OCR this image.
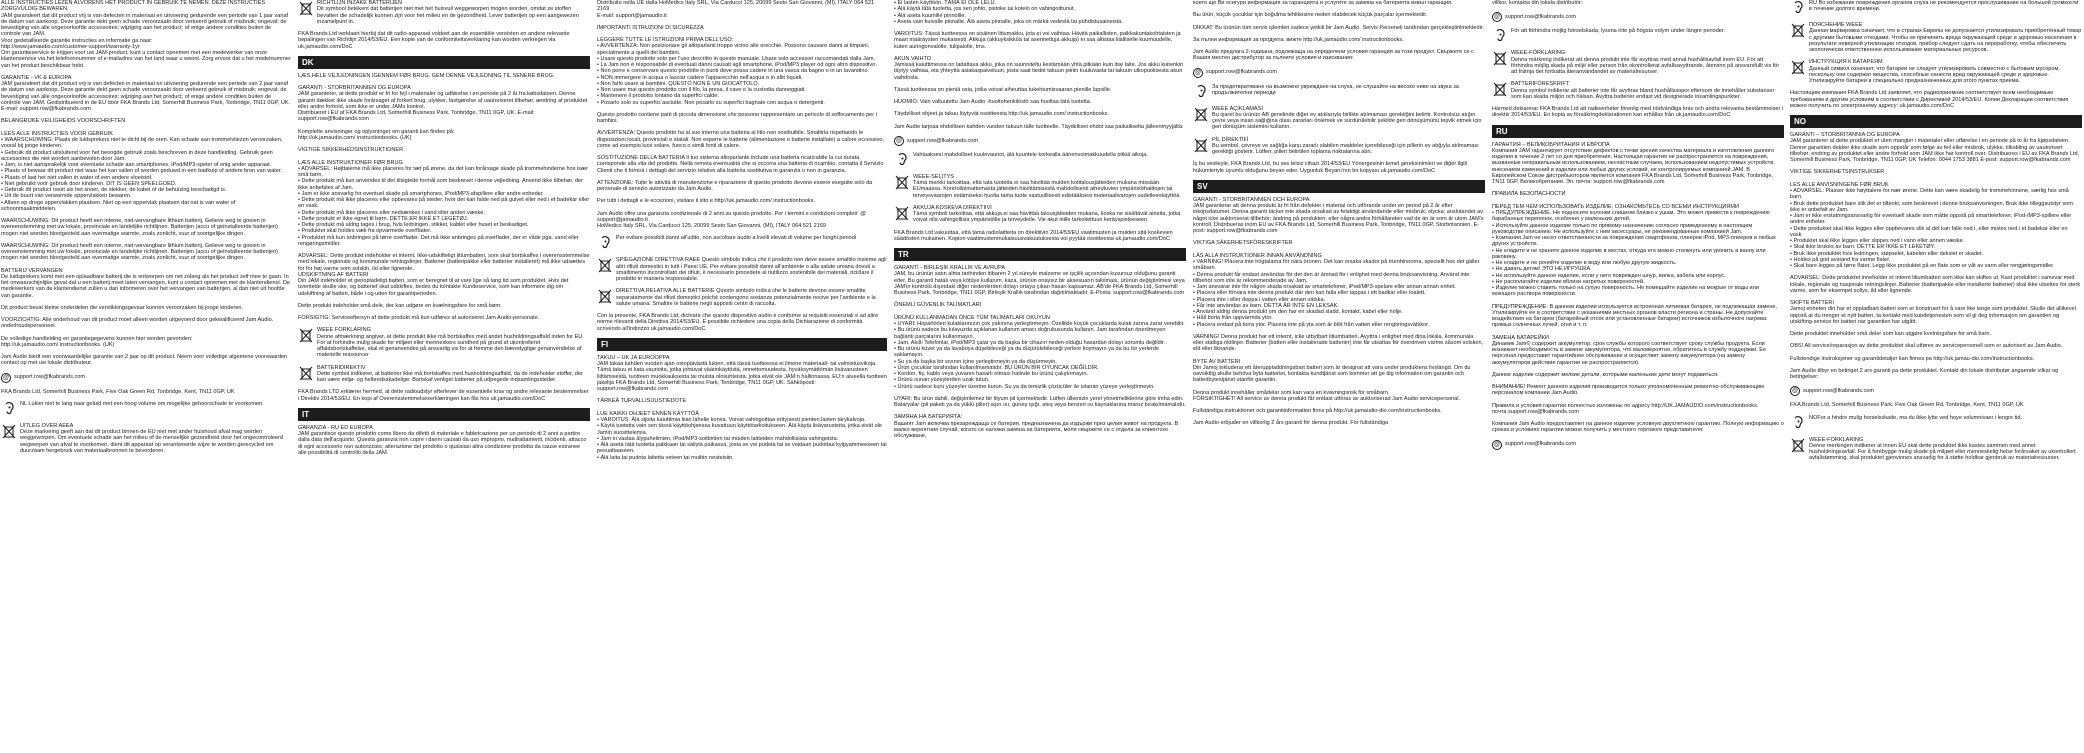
ALLE INSTRUCTIES LEZEN ALVORENS HET PRODUCT IN GEBRUIK TE NEMEN. DEZE INSTRUCTIES ZORGVULDIG BEWAREN.
JAM garandeert dat dit product vrij is van defecten in materiaal en uitvoering gedurende een periode van 1 jaar vanaf de datum van aankoop. Deze garantie dekt geen schade veroorzaakt door verkeerd gebruik of misbruik; ongeval; de bevestiging van alle ongeoorloofde accessoires; wijziging aan het product; of enige andere condities buiten de controle van JAM.
Voor gedetailleerde garantie instructies en informatie ga naar:
http://www.jamaudio.com/customer-support/warranty-1yr
Om garantieservice te krijgen voor uw JAM-product, kunt u contact opnemen met een medewerker van onze klantenservice via het telefoonnummer of e-mailadres van het land waar u woont. Zorg ervoor dat u het modelnummer van het product beschikbaar hebt.
GARANTIE - VK & EUROPA
JAM garandeert dat dit product vrij is van defecten in materiaal en uitvoering gedurende een periode van 2 jaar vanaf de datum van aankoop. Deze garantie dekt geen schade veroorzaakt door verkeerd gebruik of misbruik; ongeval; de bevestiging van alle ongeoorloofde accessoires; wijziging aan het product; of enige andere condities buiten de controle van JAM. Gedistribueerd in de EU door FKA Brands Ltd, Somerhill Business Park, Tonbridge, TN11 0GP, UK. E-mail: support.row@fkabrands.com
BELANGRIJKE VEILIGHEIDS VOORSCHRIFTEN

LEES ALLE INSTRUCTIES VOOR GEBRUIK
• WAARSCHUWING: Plaats de luidsprekers niet te dicht bij de oren. Kan schade aan trommelvliezen veroorzaken, vooral bij jonge kinderen.
• Gebruik dit product uitsluitend voor het beoogde gebruik zoals beschreven in deze handleiding. Gebruik geen accessoires die niet worden aanbevolen door Jam.
• Jam, is niet aansprakelijk voor eventuele schade aan smartphones, iPod/MP3-speler of enig ander apparaat.
• Plaats of bewaar dit product niet waar het kan vallen of worden geduwd in een badkuip of andere bron van water.
• Plaats of laat het niet vallen in water of een andere vloeistof.
• Niet gebruikt voor gebruik door kinderen. DIT IS GEEN SPEELGOED.
• Gebruik dit product nooit als het snoer, de stekker, de kabel of de behuizing beschadigd is.
• Uit de buurt van verwarmde oppervlakken bewaren.
• Alleen op droge oppervlakken plaatsen. Niet op een oppervlak plaatsen dat nat is van water of schoonmaakmiddelen.
WAARSCHUWING: Dit product heeft een interne, niet-vervangbare lithium batterij. Gelieve weg te gooien in overeenstemming met uw lokale, provinciale en landelijke richtlijnen. Batterijen (accu of geïnstalleerde batterijen) mogen niet worden blootgesteld aan overmatige warmte, zoals zonlicht, vuur of soortgelijke dingen.
WAARSCHUWING: Dit product heeft een interne, niet-vervangbare lithium batterij. Gelieve weg te gooien in overeenstemming met uw lokale, provinciale en landelijke richtlijnen. Batterijen (accu of geïnstalleerde batterijen) mogen niet worden blootgesteld aan overmatige warmte, zoals zonlicht, vuur of soortgelijke dingen.
BATTERIJ VERVANGEN
De luidsprekers komt met een oplaadbare batterij die is ontworpen om net zolang als het product zelf mee te gaan. In het onwaarschijnlijke geval dat u een batterij moet laten vervangen, kunt u contact opnemen met de klantendienst. De medewerkers van de klantendienst zullen u dan informeren over het vervangen van batterijen, al dan niet uit hoofde van garantie.
Dit product bevat kleine onderdelen die verstikkingsgevaar kunnen veroorzaken bij jonge kinderen.
VOORZICHTIG: Alle onderhoud van dit product moet alleen worden uitgevoerd door gekwalificeerd Jam Audio. onderhoudspersoneel.
De volledige handleiding en garantiegegevens kunnen hier worden gevonden:
http://uk.jamaudio.com/ instructionbooks. (UK)
Jam Audio biedt een voorwaardelijke garantie van 2 jaar op dit product. Neem voor volledige algemene voorwaarden contact op met uw lokale distributeur.
@ support.row@fkabrands.com
FKA Brands Ltd, Somerhill Business Park, Five Oak Green Rd, Tonbridge, Kent, TN11 0GP, UK
NL Lukier niet te lang naar geluid met een hoog volume om mogelijke gehoorschade te voorkomen.
UITLEG OVER AEEA
Deze markering geeft aan dat dit product binnen de EU niet met ander huishoud afval mag worden weggeworpen. Om eventuele schade aan het milieu of de menselijke gezondheid door het ongecontroleerd wegwerpen van afval te voorkomen, dient dit apparaat op verantwoorde wijze te worden gerecycled om duurzaam hergebruik van materiaalbronnen te bevorderen.
RICHTLIJN INZAKE BATTERIJEN
Dit symbool betekent dat batterijen niet met het huisvuil weggeworpen mogen worden, omdat ze stoffen bevatten die schadelijk kunnen zijn voor het milieu en de gezondheid. Lever batterijen op een aangewezen inzamelpunt in.
FKA Brands Ltd verklaart hierbij dat dit radio-apparaat voldoet aan de essentiële vereisten en andere relevante bepalingen van Richtlijn 2014/53/EU. Een kopie van de conformiteitsverklaring kan worden verkregen via uk.jamaudio.com/DoC
DK
LÆS HELE VEJLEDNINGEN IGENNEM FØR BRUG. GEM DENNE VEJLEDNING TIL SENERE BRUG.
GARANTI - STORBRITANNIEN OG EUROPA
JAM garanterer, at dette produkt er fri for fejl i materialer og udførelse i en periode på 2 år fra købsdatoen. Denne garanti dækker ikke skade forårsaget af forkert brug, ulykker, fastgørelse af uautoriseret tilbehør, ændring af produktet eller andre forhold, som ikke er under JAMs kontrol.
Distribueret i EU af FKA Brands Ltd, Somerhill Business Park, Tonbridge, TN11 0GP, UK. E-mail: support.row@fkabrands.com
Komplette anvisninger og oplysninger om garanti kan findes på:
http://uk.jamaudio.com/ instructionbooks. (UK)
VIGTIGE SIKKERHEDSINSTRUKTIONER

LÆS ALLE INSTRUKTIONER FØR BRUG
• ADVARSEL: Højttalerne må ikke placeres for tæt på ørene, da det kan forårsage skade på trommehinderne hos især små børn.
• Dette produkt må kun anvendes til det tilsigtede formål som beskrevet i denne vejledning. Anvend ikke tilbehør, der ikke anbefales af Jam.
• Jam er ikke ansvarlig for eventuel skade på smartphones, iPod/MP3-afspillere eller andre enheder.
• Dette produkt må ikke placeres eller opbevares på steder, hvor det kan falde ned på gulvet eller ned i et badekar eller en vask.
• Dette produkt må ikke placeres eller nedsænkes i vand eller anden væske.
• Dette produkt er ikke egnet til børn. DETTE ER IKKE ET LEGETØJ.
• Dette produkt må aldrig tages i brug, hvis ledningen, stikket, kablet eller huset er beskadiget.
• Produktet skal holdes væk fra opvarmede overflader.
• Produktet må kun anbringes på tørre overflader. Det må ikke anbringes på overflader, der er våde pga. vand eller rengøringsmidler.
ADVARSEL: Dette produkt indeholder et internt, ikke-udskifteligt litiumbatteri, som skal bortskaffes i overensstemmelse med lokale, regionale og kommunale retningslinjer. Batterier (batteripakke eller batterier installeret) må ikke udsættes for for høj varme som solskin, ild eller lignende.
UDSKIFTNING AF BATTERI
Din JAM indeholder et genopladeligt batteri, som er beregnet til at vare lige så lang tid som produktet. Hvis det uventede skulle ske, og batteriet skal udskiftes, bedes du kontakte Kundeservice, som kan informere dig om udskiftning af batteri, både i og uden for garantiperioden.
Dette produkt indeholder små dele, der kan udgøre en kvælningsfare for små børn.
FORSIGTIG: Serviceeftersyn af dette produkt må kun udføres af autoriseret Jam Audio-personale.
WEEE FORKLARING
Denne afmærkning angiver, at dette produkt ikke må bortskaffes med andet husholdningsaffald inden for EU. For at forhindre mulig skade for miljøet eller menneskers sundhed på grund af ukontrolleret affaldsbortskaffelse, skal et genanvendes på ansvarlig vis for at fremme den bæredygtige genanvendelse af materielle ressourcer
BATTERIDIREKTIV
Dette symbol indikerer, at batterier ikke må bortskaffes med husholdningsaffald, da de indeholder stoffer, der kan være miljø- og helbredsskadelige. Bortskaf venligst batterier på udpegede indsamlingssteder.
FKA Brands LTD erklærer hermed, at dette radioudstyr efterlever de essentielle krav og andre relevante bestemmelser i Direktiv 2014/53/EU. En kopi af Overensstemmelseserklæringen kan fås hos uk.jamaudio.com/DoC
IT
GARANZIA - RU ED EUROPA
JAM garantisce questo prodotto come libero da difetti di materiale e fabbricazione per un periodo di 2 anni a partire dalla data dell'acquisto. Questa garanzia non copre i danni causati da uso improprio, maltrattamenti, incidenti, attacco di ogni accessorio non autorizzato, alterazione del prodotto o qualsiasi altra condizione prodotta da cause estranee alle possibilità di controllo della JAM.
Distribuito nella UE dalla HoMedics Italy SRL, Via Carducci 125, 20099 Sesto San Giovanni, (MI), ITALY 064 521 2169
E-mail: support@jamaudio.it
IMPORTANTI ISTRUZIONI DI SICUREZZA
LEGGERE TUTTE LE ISTRUZIONI PRIMA DELL'USO:
• AVVERTENZA: Non posizionare gli altoparlanti troppo vicino alle orecchie. Possono causare danni ai timpani, specialmente a quelli dei bambini.
• Usare questo prodotto solo per l'uso descritto in questo manuale. Usare solo accessori raccomandati dalla Jam.
• La Jam non è responsabile di eventuali danni causati agli smartphone, iPod/MP3 player od ogni altro dispositivo.
• Non porre e conservare questo prodotto in punti dove possa cadere in una vasca da bagno o in un lavandino.
• NON immergere in acqua o lasciar cadere l'apparecchio nell'acqua o in altri liquidi.
• Non farlo usare ai bambini. QUESTO NON È UN GIOCATTOLO.
• Non usare mai questo prodotto con il filo, la presa, il cavo o la custodia danneggiati.
• Mantenere il prodotto lontano da superfici calde.
• Posarlo solo su superfici asciutte. Non posarlo su superfici bagnate con acqua o detergenti.
Questo prodotto contiene parti di piccola dimensione che possono rappresentare un pericolo di soffocamento per i bambini.
AVVERTENZA: Questo prodotto ha al suo interno una batteria al litio non sostituibile. Smaltirla rispettando le disposizioni locali, provinciali e statali. Non esporre le batterie (alimentazione o batterie installate) a calore eccessivo, come ad esempio luce solare, fuoco o simili fonti di calore.
SOSTITUZIONE DELLA BATTERIA Il tuo sistema altoparlante include una batteria ricaricabile la cui durata corrisponde alla vita del prodotto. Nella remota eventualità che si occorra una batteria di ricambio, contatta il Servizio Clienti che ti fornirà i dettagli del servizio relativo alla batteria sostitutiva in garanzia o non in garanzia.
ATTENZIONE: Tutte le attività di manutenzione e riparazione di questo prodotto devono essere eseguite solo da personale di servizio autorizzato da Jam Audio.
Per tutti i dettagli e le eccezioni, visitare il sito e http://uk.jamaudio.com/ instructionbooks.
Jam Audio offre una garanzia condizionale di 2 anni su questo prodotto. Per i termini e condizioni completi: @ support@jamaudio.it
HoMedics Italy SRL, Via Carducci 125, 20099 Sesto San Giovanni, (MI), ITALY 064 521 2169
Per evitare possibili danni all'udito, non ascoltare audio a livelli elevati di volume per lunghi periodi
SPIEGAZIONE DIRETTIVA RAEE Questo simbolo indica che il prodotto non deve essere smaltito insieme agli altri rifiuti domestici in tutti i Paesi UE. Per evitare possibili danni all'ambiente o alla salute umana dovuti a smaltimento incontrollato dei rifiuti, è necessario procedere al riutilizzo sostenibile dei materiali, riciclare il prodotto in maniera responsabile.
DIRETTIVA RELATIVA ALLE BATTERIE Questo simbolo indica che le batterie devono essere smaltite separatamente dai rifiuti domestici poiché contengono sostanze potenzialmente nocive per l'ambiente e la salute umana. Smaltire le batterie negli appositi centri di raccolta.
Con la presente, FKA Brands Ltd, dichiara che questo dispositivo audio è conforme ai requisiti essenziali e ad altre norme rilevanti della Direttiva 2014/53/EU. È possibile richiedere una copia della Dichiarazione di conformità scrivendo all'indirizzo uk.jamaudio.com/DoC
FI
TAKUU – UK JA EUROOPPA
JAM takaa kahden vuoden ajan ostopäivästä lukien, että tässä tuotteessa ei ilmene materiaali- tai valmistusvikoja. Tämä takuu ei kata vaurioita, jotka johtuvat väärinkäytöstä, onnettomuudesta, hyväksymättömän lisävarusteen liittämisestä, tuotteen muokkauksesta tai muista olosuhteista, jotka eivät ole JAM:n hallinnassa. EU:n alueella tuotteen jakelija FKA Brands Ltd, Somerhill Business Park, Tonbridge, TN11 0GP, UK. Sähköposti: support.row@fkabrands.com
TÄRKEÄ TURVALLISUUSTIEDOTE

LUE KAIKKI OHJEET ENNEN KÄYTTÖÄ
• VAROITUS: Älä sijoita kaiuttimia liian lähelle korvia. Voivat vahingoittaa erityisesti pienten lasten tärykalvoja.
• Käytä tuotetta vain sen tässä käyttöohjeessa kuvattuun käyttötarkoitukseen. Älä käytä lisävarusteita, jotka eivät ole Jamin suosittelemia.
• Jam ei vastaa älypuhelimien, iPod/MP3-soittimien tai muiden laitteiden mahdollisista vahingoista.
• Älä aseta tätä tuotetta paikkaan tai säilytä paikassa, josta se voi pudota tai se voidaan pudottaa kylpyammeeseen tai pesualtaaseen.
• Älä laita tai pudota laitetta veteen tai muihin nesteisiin.
• Ei lasten käyttöön. TÄMÄ EI OLE LELU.
• Älä käytä tätä tuotetta, jos sen johto, pistoke tai kotelo on vahingoittunut.
• Älä aseta kuumille pinnoille.
• Aseta vain kuivalle pinnalle. Älä aseta pinnalle, joka on märkä vedestä tai puhdistusaineista.
VAROITUS: Tässä tuotteessa on sisäinen litiumakku, jota ei voi vaihtaa. Hävitä paikallisten, paikkakuntakohtaisten ja maan määräysten mukaisesti. Akkuja (akkuyksikköä tai asennettuja akkuja) ei saa altistaa liialliselle kuumuudelle, kuten auringonvalolle, tulipalolle, tms.
AKUN VAIHTO
Jamissä kaiuttimessa on ladattava akku, joka on suunniteltu kestämään yhtä pitkään kuin itse laite. Jos akku kuitenkin täytyy vaihtaa, ota yhteyttä asiakaspalveluun, josta saat tiedot takuun piiriin kuuluvasta tai takuun ulkopuolisesta akun vaihdosta.
Tässä tuotteessa on pieniä osia, jotka voivat aiheuttaa tukehtumisvaaran pienille lapsille.
HUOMIO: Vain valtuutettu Jam Audio -huoltohenkilöstö saa huoltaa tätä tuotetta.
Täydelliset ohjeet ja takuu löytyvät osoitteesta http://uk.jamaudio.com/ instructionbooks.
Jam Audio tarjoaa ehdollisen kahden vuoden takuun tälle tuotteelle. Täydelliset ehdot saa paikalliselta jälleenmyyjältä:
@ support.row@fkabrands.com
Vahtaaksesi mahdolliset kuulovauriot, älä kuuntele korkealla äänenvoimakkuudella pitkiä aikoja.
WEEE-SELITYS
Tämä merkki tarkoittaa, että tata tuotetta ei saa hävittää muiden kotitalousjätteiden mukana missään EUmaassa. Kontrolloimattomasta jätteiden hävittämisestä mahdollisesti aiheutuvien ympäristöhaittojen tai terveysvaarojen estämiseksi huolta tama tuote vastuullisesti edistääksesi materiaalivarojen uudelleenkäyttöä.
AKKUJA KOSKEVA DIREKTIIVI
Tämä symboli tarkoittaa, että akkuja ei saa hävittää talousjätteiden mukana, koska ne sisältävät aineita, jotka voivat olla vahingollisia ympäristölle ja terveydelle. Vie akut niille tarkoitettuun keräyspisteeseen.
FKA Brands Ltd vakuuttaa, että tämä radiolaitteita on direktiivin 2014/53/EU vaatimusten ja muiden sitä koskevien säädösten mukainen. Kopion vaatimustenmukaisuusvakuutuksesta voi pyytää osoitteesta uk.jamaudio.com/DoC
TR
GARANTİ - BİRLEŞİK KRALLIK VE AVRUPA
JAM, bu ürünün satın alma tarihinden itibaren 2 yıl süreyle malzeme ve işçilik açısından kusursuz olduğunu garanti eder. Bu garanti hatalı veya kötüye kullanım, kaza, ürünün onaysız bir aksesuarın takılması, ürünün değiştirilmesi veya JAM'in kontrolü dışındaki diğer nedenlerden dolayı ortaya çıkan hasarı kapsamaz. AB'de FKA Brands Ltd, Somerhill Business Park, Tonbridge, TN11 0GP, Birleşik Krallık tarafından dağıtılmaktadır. E-Posta: support.row@fkabrands.com
ÖNEMLİ GÜVENLİK TALİMATLARI

ÜRÜNÜ KULLANMADAN ÖNCE TÜM TALİMATLARI OKUYUN
• UYARI: Hoparlörleri kulaklarınızın çok yakınına yerleştirmeyin. Özellikle küçük çocuklarda kulak zarına zarar verebilir.
• Bu ürünü sadece bu kılavuzda açıklanan kullanım amacı doğrultusunda kullanın. Jam tarafından önerilmeyen bağlantı parçalarını kullanmayın.
• Jam, Akıllı Telefonlar, iPod/MP3 çalar ya da başka bir cihazın neden olduğu hasardan dolayı sorumlu değildir.
• Bu ürünü küvet ya da lavaboya düşebileceği ya da düşürülebileceği yerlere koymayın ya da bu tür yerlerde saklamayın.
• Su ya da başka bir sıvının içine yerleştirmeyin ya da düşürmeyin.
• Ürün çocuklar tarafından kullanılmamalıdır. BU ÜRÜN BİR OYUNCAK DEĞİLDİR.
• Kordon, fiş, kablo veya yuvanın hasarlı olması halinde bu ürünü çalıştırmayın.
• Ürünü ısınan yüzeylerden uzak tutun.
• Ürünü sadece kuru yüzeyler üzerine kurun. Su ya da temizlik çözücüler ile ıslanan yüzeye yerleştirmeyin.
UYARI: Bu ürün dahili, değiştirilemez bir lityum pil içermektedir. Lütfen ülkenizin yerel yönetmeliklerine göre imha edin. Bataryalar (pil paketi ya da yüklü piller) aşırı ısı, güneş ışığı, ateş veya benzeri ısı kaynaklarına maruz bırakılmamalıdır.
ЗАМЯНА НА БАТЕРИЯТА:
Вашият Jam включва презареждаща се батерия, предназначена да издържи през целия живот на продукта. В малко вероятния случай, когато се наложи замяна на батерията, моля свържете се с отдела за клиентско обслужване,
което ще Ви осигури информация за гаранцията и услугите за замяна на батерията извън гаранция.
Вы ürün, küçük çocuklar için boğulma tehlikesine neden olabilecek küçük parçalar içermektedir.
DİKKAT: Bu ürünün tüm servis işlemleri sadece yetkili bir Jam Audio. Servis Personeli tarafından gerçekleştirilmektedir.
За пълни информация за продукта, вижте http://uk.jamaudio.com/ instructionbooks.
Jam Audio предлага 2-годишна, подлежаща на определени условия гаранция за този продукт. Свържете се с Вашия местен дистрибутор за пълните условия и изисквания:
@ support.row@fkabrands.com
За предотвратяване на възможно увреждане на слуха, не слушайте на високо ниво на звука за продължителни периоди
WEEE AÇIKLAMASI
Bu işaret bu ürünün AB genelinde diğer ev atıklarıyla birlikte atılmaması gerektiğini belirtir. Kontrolsüz atığın çevre veya insan sağlığına olası zararları önlemek ve sürdürülebilir şekilde geri dönüşümünü teşvik etmek için geri dönüşüm sistemini kullanın.
PİL DİREKTİFİ
Bu sembol, çevreye ve sağlığa karşı zararlı olabilen maddeler içerebileceği için pillerin ev atığıyla atılmaması gerektiği gösterir. Lütfen, pilleri belirtilen toplama noktalarına atın.
İş bu vesileyle, FKA Brands Ltd, bu ses telsiz cihazı 2014/53/EU Yönergesinin temel gereksinimleri ve diğer ilgili hükümleriyle uyumlu olduğunu beyan eder. Uygunluk Beyanı'nın bir kopyası uk.jamaudio.com/DoC
SV
GARANTI - STORBRITANNIEN OCH EUROPA
JAM garanterar att denna produkt är fri från defekter i material och utförande under en period på 2 år efter inköpsdatumet. Denna garanti täcker inte skada orsakad av felaktigt användande eller misbruk; olycka; anslutandet av något icke auktoriserat tillbehör; ändring på produkten; eller några andra förhållanden vad de än är som är utom JAM's kontroll. Distribueras inom EU av FKA Brands Ltd, Somerhill Business Park, Tonbridge, TN11 0GP, Storbritannien. E-post: support.row@fkabrands.com
VIKTIGA SÄKERHETSFÖRESKRIFTER

LÄS ALLA INSTRUKTIONER INNAN ANVÄNDNING
• VARNING! Placera inte högtalarna för nära öronen. Det kan orsaka skador på trumhinnorna, speciellt hos det gäller småbarn.
• Denna produkt får endast användas för det den är ämnad för i enlighet med denna bruksanvisning. Använd inte tillbehör som inte är rekommenderade av Jam.
• Jam ansvarar inte för någon skada orsakad av smartelefoner, iPod/MP3-spelare eller annan annan enhet.
• Placera eller förvara inte denna produkt där den kan falla eller tappas i ett badkar eller toalett.
• Placera inte i eller doppa i vatten eller annan vätska.
• Får inte användas av barn. DETTA ÄR INTE EN LEKSAK.
• Använd aldrig denna produkt om den har en skadad sladd, kontakt, kabel eller hölje.
• Håll borta från uppvärmda ytor.
• Placera endast på torra ytor. Placera inte på yta som är blöt från vatten eller rengöringsvätskor.
VARNING! Denna produkt har ett internt, icke utbytbart litiumbatteri. Avyttra i enlighet med dina lokala, kommunala eller statliga riktlinjer. Batterier (batteri eller installerade batterier) inte får utsättas för överdriven värme såsom solsken, eld eller liknande.
BYTE AV BATTERI
Din Jamoj inkluderar ett återuppladdningsbart batteri som är designat att vara under produktens livslängd. Om du oavsiktlig skulle behöva byta batteriet, kontakta kundtjänst som kommer att ge dig information om garantin och batteribytestjänst utanför garantin.
Denna produkt innehåller smådelar som kan vara en kvävningsrisk för småbarn.
FÖRSIKTIGHET! All service av denna produkt får endast utföras av auktoriserad Jam Audio servicepersonal.
Fullständiga instruktioner och garantiinformation finns på http://uk.jamaudio-dio.com/instructionbooks.
Jam Audio erbjuder en villkorlig 2 års garanti för denna produkt. För fullständiga
villkor, kontakta din lokala distributör:
@ support.row@fkabrands.com
För att förhindra möjlig hörselskada, lyssna inte på högsta volym under längre perioder.
WEEE-FÖRKLARING
Denna märkning indikerar att denna produkt inte får avyttras med annat hushållsavfall inom EU. För att förhindra möjlig skada på miljö eller person från okontrollerat avfallsavyttrande, återvinn på ansvarsfullt vis för att främja det fortsatta återanvändandet av materialresurser.
BATTERIFÖRESKRIFT
Denna symbol indikerar att batterier inte får avyttras bland hushållssopor eftersom de innehåller substanser som kan skada miljön och hälsan. Avyttra batterier endast vid designerade insamlingspunkter.
Härmed deklarerar FKA Brands Ltd att radioenheter förenlig med nödvändiga krav och andra relevanta bestämmelser i direktiv 2014/53/EU. En kopia av försäkringdeklarationen kan erhållas från uk.jamaudio.com/DoC
RU
ГАРАНТИЯ – ВЕЛИКОБРИТАНИЯ И ЕВРОПА
Компания JAM гарантирует отсутствие дефектов с точки зрения качества материала и изготовления данного изделия в течение 2 лет со дня приобретения. Настоящая гарантия не распространяется на повреждения, вызванные неправильным использованием, несчастным случаем, использованием недопустимых устройств, внесением изменений в изделие или любых других условий, не контролируемых компанией JAM. В Европейском Союзе дистрибьютором является компания FKA Brands Ltd, Somerhill Business Park, Tonbridge, TN11 0GP, Великобритания. Эл. почта: support.row@fkabrands.com
ПРАВИЛА БЕЗОПАСНОСТИ

ПЕРЕД ТЕМ ЧЕМ ИСПОЛЬЗОВАТЬ ИЗДЕЛИЕ, ОЗНАКОМЬТЕСЬ СО ВСЕМИ ИНСТРУКЦИЯМИ
• ПРЕДУПРЕЖДЕНИЕ. Не подносите колонки слишком близко к ушам. Это может привести к повреждению барабанных перепонок, особенно у маленьких детей.
• Используйте данное изделие только по прямому назначению согласно приведенному в настоящем руководстве описанию. Не используйте с ним аксессуары, не рекомендованные компанией Jam.
• Компания Jam не несет ответственности за повреждения смартфонов, плееров iPod, MP3-плееров и любых других устройств.
• Не кладите и не храните данное изделие в местах, откуда его можно столкнуть или уронить в ванну или раковину.
• Не кладите и не роняйте изделие в воду или любую другую жидкость.
• Не давать детям! ЭТО НЕ ИГРУШКА.
• Не используйте данное изделие, если у него поврежден шнур, вилка, кабель или корпус.
• Не располагайте изделие вблизи нагретых поверхностей.
• Изделие можно ставить только на сухую поверхность. Не помещайте изделие на мокрые от воды или моющего раствора поверхности.
ПРЕДУПРЕЖДЕНИЕ. В данном изделии используется встроенная литиевая батарея, не подлежащая замене. Утилизируйте ее в соответствии с указаниями местных органов власти региона и страны. Не допускайте воздействия на батареи (батарейный отсек или установленные батареи) источников избыточного нагрева: прямых солнечных лучей, огня и т. п.
ЗАМЕНА БАТАРЕЙКИ
Динамик Jam© содержит аккумулятор, срок службы которого соответствует сроку службы продукта. Если возникнет необходимость в замене аккумулятора, что маловероятно, обратитесь в службу поддержки. Ее персонал предоставит гарантийное обслуживание и осуществит замену аккумулятора (на замену аккумуляторов действие гарантии не распространяется).
Данное изделие содержит мелкие детали, которыми маленькие дети могут подавиться.
ВНИМАНИЕ! Ремонт данного изделия производится только уполномоченным ремонтно-обслуживающим персоналом компании Jam Audio.
Правила и условия гарантии полностью изложены по адресу http://UK.JAMAUDIO.com/instructionbooks.
почта support.row@fkabrands.com
Компания Jam Audio предоставляет на данное изделие условную двухлетнюю гарантию. Полную информацию о сроках и условиях гарантии можно получить у местного торгового представителя:
@ support.row@fkabrands.com
RU Во избежание повреждения органов слуха не рекомендуется прослушивание на большой громкости в течение долгого времени.
ПОЯСНЕНИЕ WEEE
Данная маркировка означает, что в странах Европы не допускается утилизировать приобретённый товар с другими бытовыми отходами. Чтобы не причинить вреда окружающей среде и здоровью населения в результате неверной утилизации отходов, прибор следует сдать на переработку, чтобы обеспечить экологически ответственное использование материальных ресурсов.
ИНСТРУКЦИЯ К БАТАРЕЯМ
Данный символ означает, что батареи не следует утилизировать совместно с бытовым мусором, поскольку они содержат вещества, способные нанести вред окружающей среде и здоровью. Утилизируйте батареи в специально предназначенных для этого пунктах приема.
Настоящим компания FKA Brands Ltd заявляет, что радиоприемник соответствует всем необходимым требованиям и другим условиям в соответствии с Директивой 2014/53/EU. Копии Декларации соответствия можно получить по электронному адресу: uk.jamaudio.com/DoC
NO
GARANTI – STORBRITANNIA OG EUROPA
JAM garanterer at dette produktet er uten mangler i materialer eller utførelse i en periode på to år fra kjøpsdatoen. Denne garantien dekker ikke skade som oppstår som følge av feil eller misbruk, ulykke, tilkobling av uautorisert tilbehør, endring av produktet eller andre forhold som JAM ikke har kontroll over. Distribueres i EU av FKA Brands Ltd, Somerhill Business Park, Tonbridge, TN11 0GP, UK Telefon: 0044 1753 3881 E-post: support.row@fkabrands.com
VIKTIGE SIKKERHETSINSTRUKSER

LES ALLE ANVISNINGENE FØR BRUK
• ADVARSEL: Plasser ikke høyttalere for nær ørene. Dette kan være skadelig for trommehinnene, særlig hos små barn.
• Bruk dette produktet bare slik det er tiltenkt, som beskrevet i denne bruksanvisningen. Bruk ikke tilleggsutstyr som ikke er anbefalt av Jam.
• Jam er ikke erstatningsansvarlig for eventuell skade som måtte oppstå på smarttelefoner, iPod-/MP3-spillere eller andre enheter.
• Dette produktet skal ikke legges eller oppbevares slik at det kan falle ned i, eller mistes ned i et badekar eller en vask.
• Produktet skal ikke legges eller slippes ned i vann eller annen væske.
• Skal ikke brukes av barn. DETTE ER IKKE ET LEKETØY.
• Bruk ikke produktet hvis ledningen, støpselet, kabelen eller dekslet er skadet.
• Holdes på god avstand fra varme flater.
• Skal bare legges på tørre flater. Legg ikke produktet på en flate som er våt av vann eller rengjøringsmidler.
ADVARSEL: Dette produktet inneholder et internt litiumbatteri som ikke kan skiftes ut. Kast produktet i samsvar med lokale, regionale og nasjonale retningslinjer. Batterier (batteripakke eller installerte batterier) skal ikke utsettes for sterk varme, som for eksempel sollys, ild eller lignende.
SKIFTE BATTERI
Jamoj enheten din har et oppladbart batteri som er konstruert for å vare like lenge som produktet. Skulle det allikevel oppstå at du trenger et nytt batteri, ta kontakt med kundetjenesten som vil gi deg informasjon om garantien og utskifting-service for batteri nar garantien har utgått.
Dette produktet inneholder små deler som kan utgjøre kvelningsfare for små barn.
OBS! All service/reparasjon av dette produktet skal utføres av servicepersonell som er autorisert av Jam Audio.
Fullstendige instruksjoner og garantidetaljer kan finnes pa http://uk.jamau-dio.com/instructionbooks.
Jam Audio tilbyr en betinget 2 ars garanti pa dette produktet. Kontakt din lokale distributør angaende vilkar og betingelser:
@ support.row@fkabrands.com
FKA Brands Ltd, Somerhill Business Park, Five Oak Green Rd, Tonbridge, Kent, TN11 0GP, UK
NOFor a hindre mulig horselsskade, ma du ikke lytte ved hoye volumnivaer i lengre tid.
WEEE-FORKLARING
Denne merkingen indikerer at innen EU skal dette produktet ikke kastes sammen med annet husholdningsavfall. For å forebygge mulig skade på miljøet eller menneskelig helse forårsaket av ukontrollert avfallstømming, skal produktet gjenvinnes ansvarlig for å støtte holdbar gjenbruk av materialressurser.
